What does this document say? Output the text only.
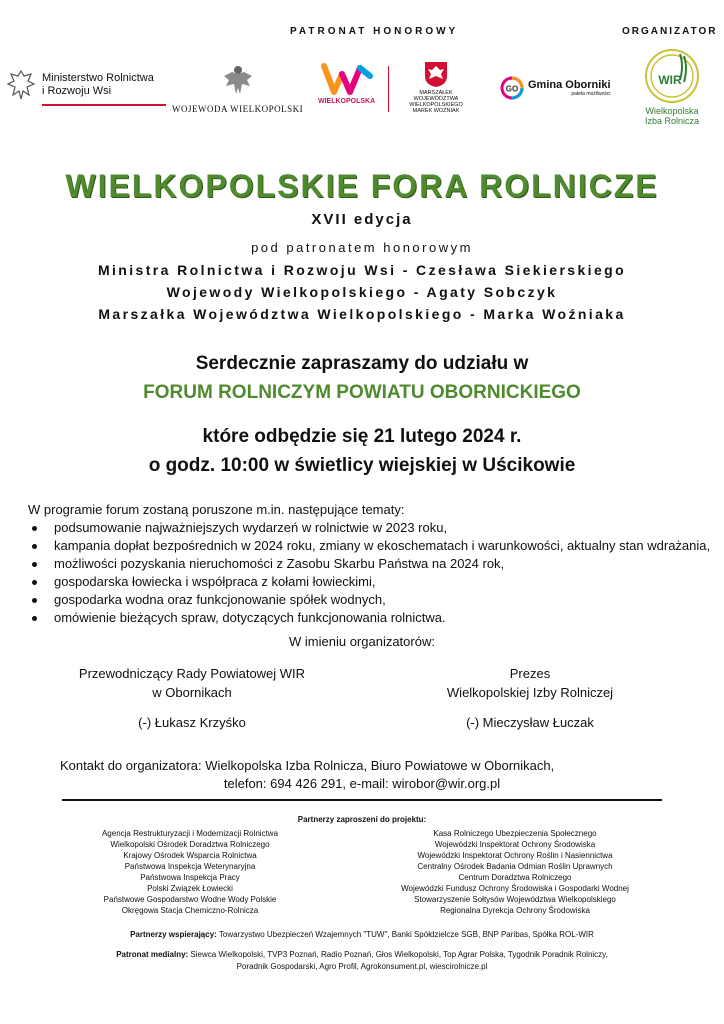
PATRONAT HONOROWY	ORGANIZATOR
Ministerstwo Rolnictwa
i Rozwoju Wsi
WOJEWODA WIELKOPOLSKI
WIELKOPOLSKA
MARSZAŁEK
WOJEWÓDZTWA
WIELKOPOLSKIEGO
MAREK WOŹNIAK
GO Gmina Oborniki
paleta możliwości
WIR
Wielkopolska
Izba Rolnicza
WIELKOPOLSKIE FORA ROLNICZE
XVII edycja
pod patronatem honorowym
Ministra Rolnictwa i Rozwoju Wsi - Czesława Siekierskiego
Wojewody Wielkopolskiego - Agaty Sobczyk
Marszałka Województwa Wielkopolskiego - Marka Woźniaka
Serdecznie zapraszamy do udziału w
FORUM ROLNICZYM POWIATU OBORNICKIEGO
które odbędzie się 21 lutego 2024 r.
o godz. 10:00 w świetlicy wiejskiej w Uścikowie
W programie forum zostaną poruszone m.in. następujące tematy:
podsumowanie najważniejszych wydarzeń w rolnictwie w 2023 roku,
kampania dopłat bezpośrednich w 2024 roku, zmiany w ekoschematach i warunkowości, aktualny stan wdrażania,
możliwości pozyskania nieruchomości z Zasobu Skarbu Państwa na 2024 rok,
gospodarska łowiecka i współpraca z kołami łowieckimi,
gospodarka wodna oraz funkcjonowanie spółek wodnych,
omówienie bieżących spraw, dotyczących funkcjonowania rolnictwa.
W imieniu organizatorów:
Przewodniczący Rady Powiatowej WIR
w Obornikach
Prezes
Wielkopolskiej Izby Rolniczej
(-) Łukasz Krzyśko	(-) Mieczysław Łuczak
Kontakt do organizatora: Wielkopolska Izba Rolnicza, Biuro Powiatowe w Obornikach,
telefon: 694 426 291, e-mail: wirobor@wir.org.pl
Partnerzy zaproszeni do projektu:
Agencja Restrukturyzacji i Modernizacji Rolnictwa
Wielkopolski Ośrodek Doradztwa Rolniczego
Krajowy Ośrodek Wsparcia Rolnictwa
Państwowa Inspekcja Weterynaryjna
Państwowa Inspekcja Pracy
Polski Związek Łowiecki
Państwowe Gospodarstwo Wodne Wody Polskie
Okręgowa Stacja Chemiczno-Rolnicza
Kasa Rolniczego Ubezpieczenia Społecznego
Wojewódzki Inspektorat Ochrony Środowiska
Wojewódzki Inspektorat Ochrony Roślin i Nasiennictwa
Centralny Ośrodek Badania Odmian Roślin Uprawnych
Centrum Doradztwa Rolniczego
Wojewódzki Fundusz Ochrony Środowiska i Gospodarki Wodnej
Stowarzyszenie Sołtysów Województwa Wielkopolskiego
Regionalna Dyrekcja Ochrony Środowiska
Partnerzy wspierający: Towarzystwo Ubezpieczeń Wzajemnych "TUW", Banki Spółdzielcze SGB, BNP Paribas, Spółka ROL-WIR
Patronat medialny: Siewca Wielkopolski, TVP3 Poznań, Radio Poznań, Głos Wielkopolski, Top Agrar Polska, Tygodnik Poradnik Rolniczy,
Poradnik Gospodarski, Agro Profil, Agrokonsument.pl, wiescirolnicze.pl
